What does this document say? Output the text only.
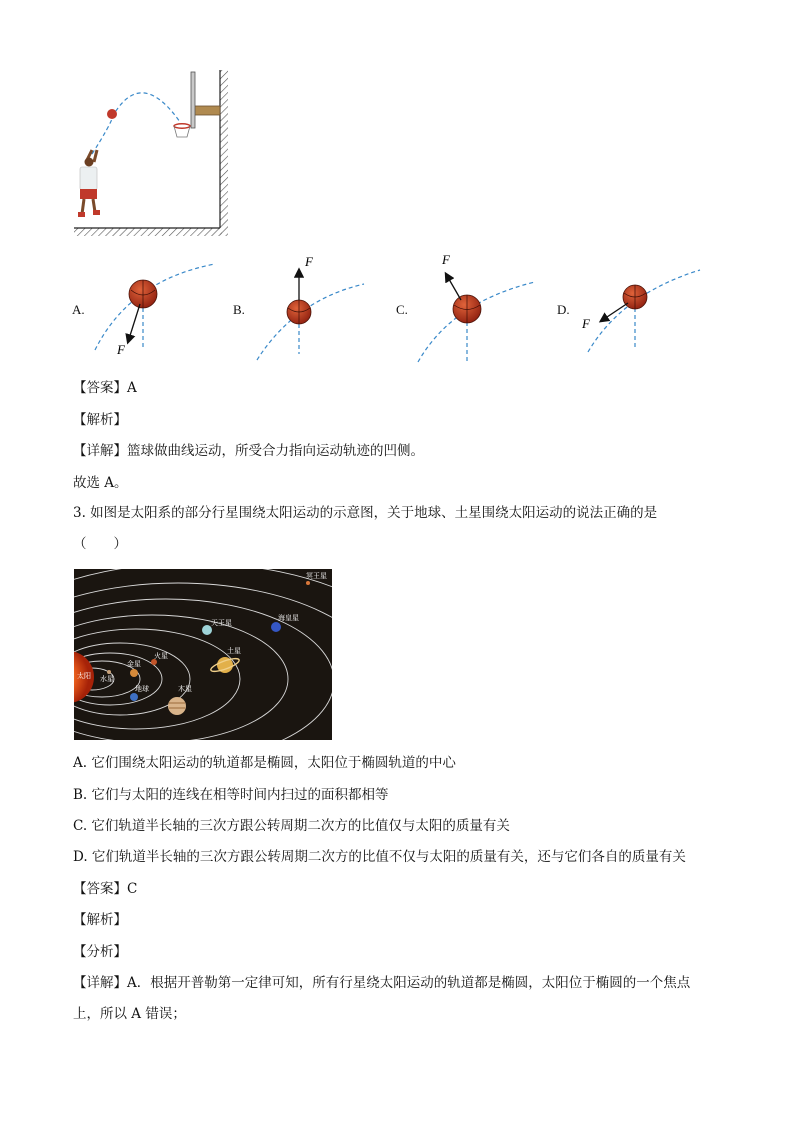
A.	B.	C.	D.
F
F	F
F
【答案】A
【解析】
【详解】篮球做曲线运动，所受合力指向运动轨迹的凹侧。
故选 A。
3. 如图是太阳系的部分行星围绕太阳运动的示意图，关于地球、土星围绕太阳运动的说法正确的是
（　　）
太阳 水星
金星
地球
火星
木星
土星
天王星
海皇星
冥王星
A. 它们围绕太阳运动的轨道都是椭圆，太阳位于椭圆轨道的中心
B. 它们与太阳的连线在相等时间内扫过的面积都相等
C. 它们轨道半长轴的三次方跟公转周期二次方的比值仅与太阳的质量有关
D. 它们轨道半长轴的三次方跟公转周期二次方的比值不仅与太阳的质量有关，还与它们各自的质量有关
【答案】C
【解析】
【分析】
【详解】A．根据开普勒第一定律可知，所有行星绕太阳运动的轨道都是椭圆，太阳位于椭圆的一个焦点
上，所以 A 错误；
